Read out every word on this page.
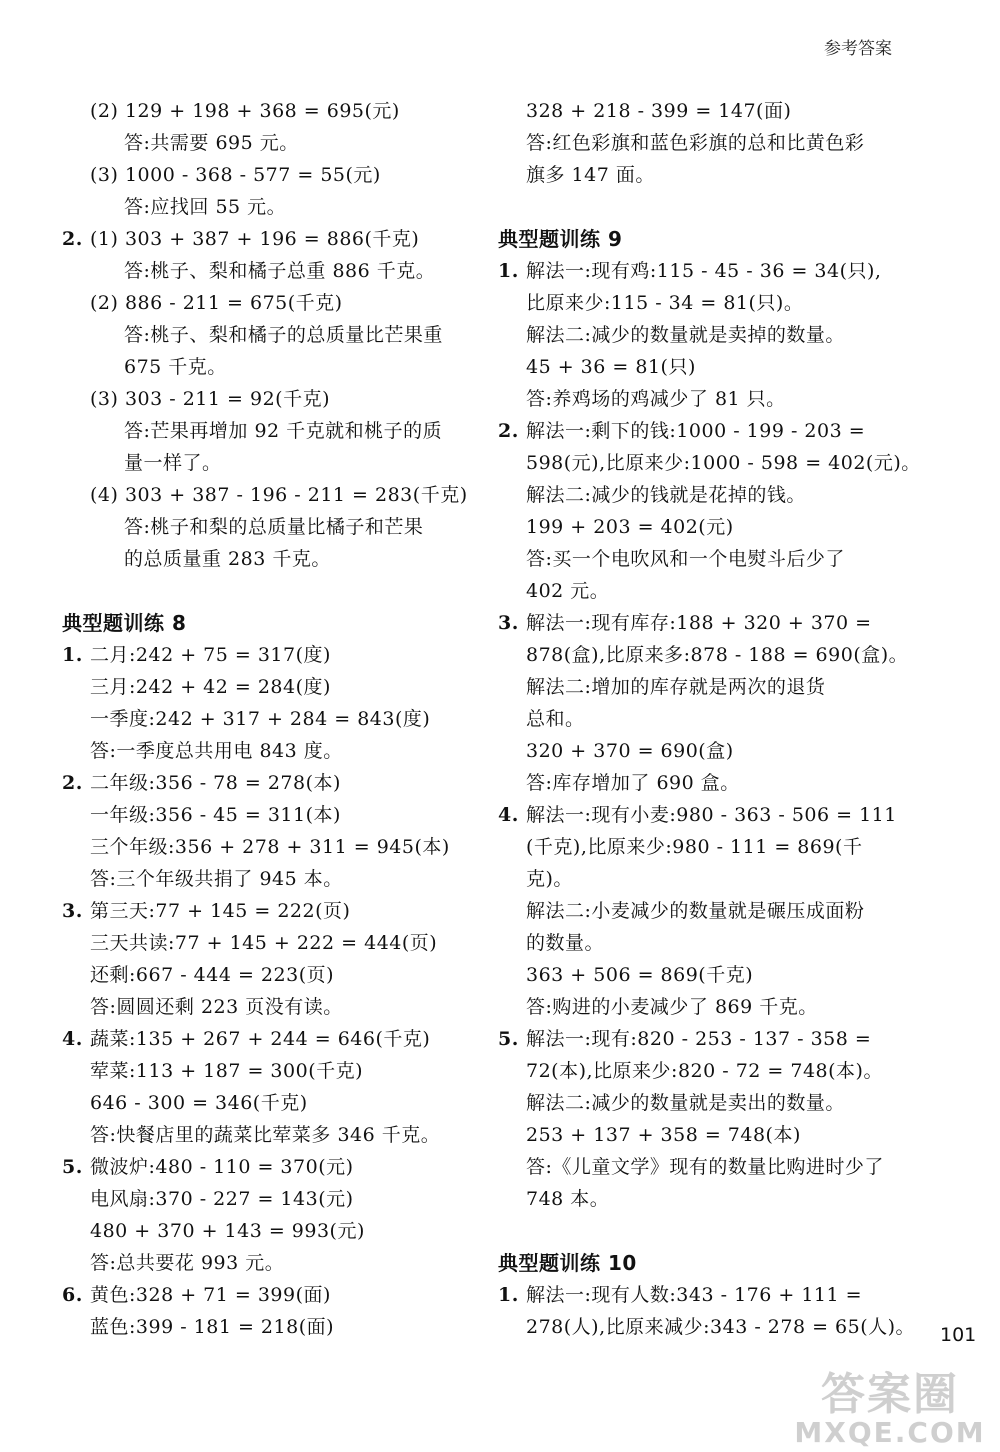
参考答案
(2) 129 + 198 + 368 = 695(元)
答:共需要 695 元。
(3) 1000 - 368 - 577 = 55(元)
答:应找回 55 元。
2. (1) 303 + 387 + 196 = 886(千克)
答:桃子、梨和橘子总重 886 千克。
(2) 886 - 211 = 675(千克)
答:桃子、梨和橘子的总质量比芒果重
675 千克。
(3) 303 - 211 = 92(千克)
答:芒果再增加 92 千克就和桃子的质
量一样了。
(4) 303 + 387 - 196 - 211 = 283(千克)
答:桃子和梨的总质量比橘子和芒果
的总质量重 283 千克。
典型题训练 8
1. 二月:242 + 75 = 317(度)
三月:242 + 42 = 284(度)
一季度:242 + 317 + 284 = 843(度)
答:一季度总共用电 843 度。
2. 二年级:356 - 78 = 278(本)
一年级:356 - 45 = 311(本)
三个年级:356 + 278 + 311 = 945(本)
答:三个年级共捐了 945 本。
3. 第三天:77 + 145 = 222(页)
三天共读:77 + 145 + 222 = 444(页)
还剩:667 - 444 = 223(页)
答:圆圆还剩 223 页没有读。
4. 蔬菜:135 + 267 + 244 = 646(千克)
荤菜:113 + 187 = 300(千克)
646 - 300 = 346(千克)
答:快餐店里的蔬菜比荤菜多 346 千克。
5. 微波炉:480 - 110 = 370(元)
电风扇:370 - 227 = 143(元)
480 + 370 + 143 = 993(元)
答:总共要花 993 元。
6. 黄色:328 + 71 = 399(面)
蓝色:399 - 181 = 218(面)
328 + 218 - 399 = 147(面)
答:红色彩旗和蓝色彩旗的总和比黄色彩
旗多 147 面。
典型题训练 9
1. 解法一:现有鸡:115 - 45 - 36 = 34(只),
比原来少:115 - 34 = 81(只)。
解法二:减少的数量就是卖掉的数量。
45 + 36 = 81(只)
答:养鸡场的鸡减少了 81 只。
2. 解法一:剩下的钱:1000 - 199 - 203 =
598(元),比原来少:1000 - 598 = 402(元)。
解法二:减少的钱就是花掉的钱。
199 + 203 = 402(元)
答:买一个电吹风和一个电熨斗后少了
402 元。
3. 解法一:现有库存:188 + 320 + 370 =
878(盒),比原来多:878 - 188 = 690(盒)。
解法二:增加的库存就是两次的退货
总和。
320 + 370 = 690(盒)
答:库存增加了 690 盒。
4. 解法一:现有小麦:980 - 363 - 506 = 111
(千克),比原来少:980 - 111 = 869(千
克)。
解法二:小麦减少的数量就是碾压成面粉
的数量。
363 + 506 = 869(千克)
答:购进的小麦减少了 869 千克。
5. 解法一:现有:820 - 253 - 137 - 358 =
72(本),比原来少:820 - 72 = 748(本)。
解法二:减少的数量就是卖出的数量。
253 + 137 + 358 = 748(本)
答:《儿童文学》现有的数量比购进时少了
748 本。
典型题训练 10
1. 解法一:现有人数:343 - 176 + 111 =
278(人),比原来减少:343 - 278 = 65(人)。 101
答案圈
MXQE.COM
